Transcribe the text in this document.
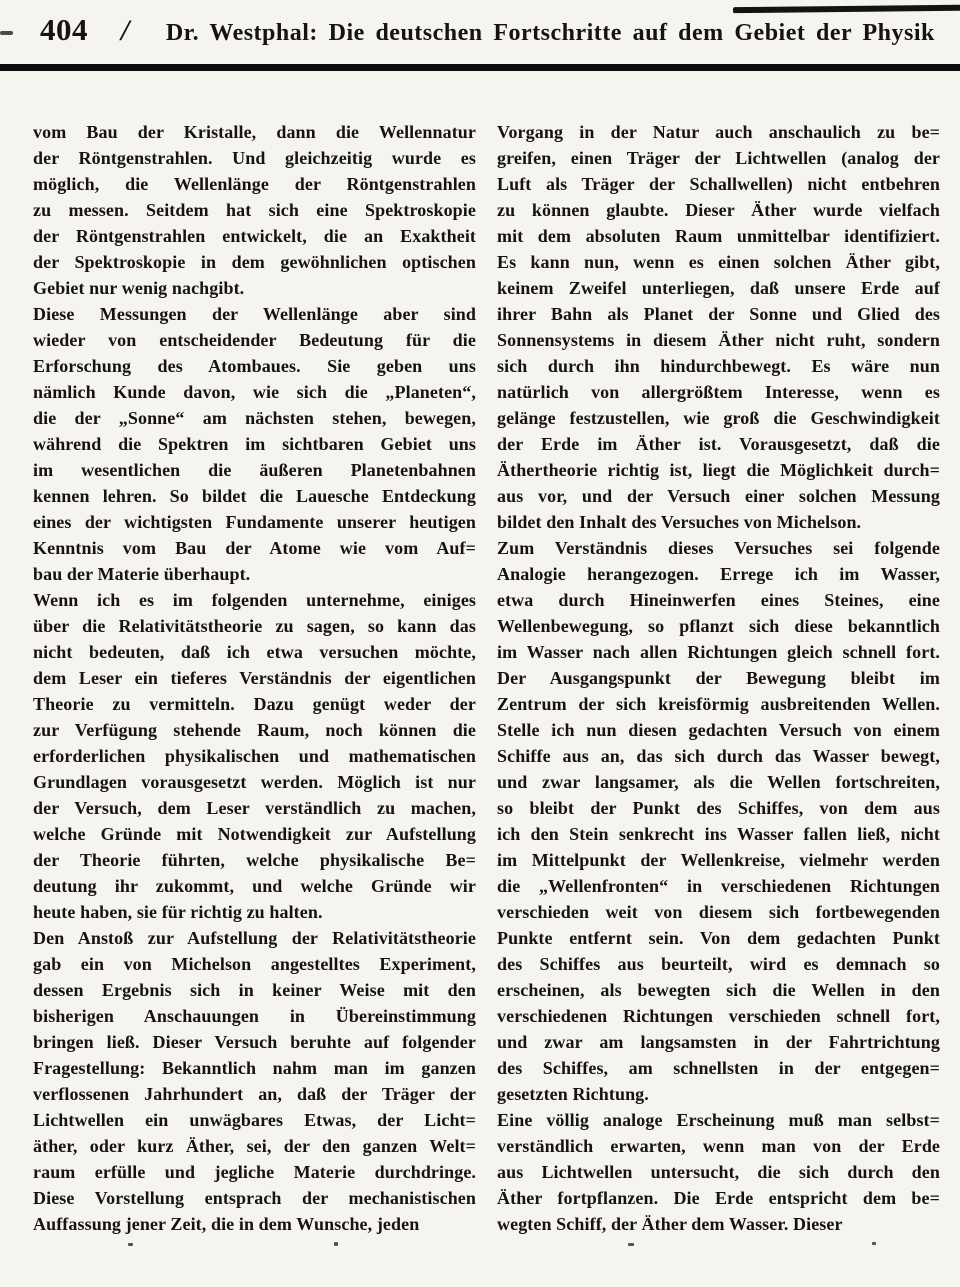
404 / Dr. Westphal: Die deutschen Fortschritte auf dem Gebiet der Physik
vom Bau der Kristalle, dann die Wellennatur
der Röntgenstrahlen. Und gleichzeitig wurde es
möglich, die Wellenlänge der Röntgenstrahlen
zu messen. Seitdem hat sich eine Spektroskopie
der Röntgenstrahlen entwickelt, die an Exaktheit
der Spektroskopie in dem gewöhnlichen optischen
Gebiet nur wenig nachgibt.
Diese Messungen der Wellenlänge aber sind
wieder von entscheidender Bedeutung für die
Erforschung des Atombaues. Sie geben uns
nämlich Kunde davon, wie sich die „Planeten“,
die der „Sonne“ am nächsten stehen, bewegen,
während die Spektren im sichtbaren Gebiet uns
im wesentlichen die äußeren Planetenbahnen
kennen lehren. So bildet die Lauesche Entdeckung
eines der wichtigsten Fundamente unserer heutigen
Kenntnis vom Bau der Atome wie vom Auf=
bau der Materie überhaupt.
Wenn ich es im folgenden unternehme, einiges
über die Relativitätstheorie zu sagen, so kann das
nicht bedeuten, daß ich etwa versuchen möchte,
dem Leser ein tieferes Verständnis der eigentlichen
Theorie zu vermitteln. Dazu genügt weder der
zur Verfügung stehende Raum, noch können die
erforderlichen physikalischen und mathematischen
Grundlagen vorausgesetzt werden. Möglich ist nur
der Versuch, dem Leser verständlich zu machen,
welche Gründe mit Notwendigkeit zur Aufstellung
der Theorie führten, welche physikalische Be=
deutung ihr zukommt, und welche Gründe wir
heute haben, sie für richtig zu halten.
Den Anstoß zur Aufstellung der Relativitätstheorie
gab ein von Michelson angestelltes Experiment,
dessen Ergebnis sich in keiner Weise mit den
bisherigen Anschauungen in Übereinstimmung
bringen ließ. Dieser Versuch beruhte auf folgender
Fragestellung: Bekanntlich nahm man im ganzen
verflossenen Jahrhundert an, daß der Träger der
Lichtwellen ein unwägbares Etwas, der Licht=
äther, oder kurz Äther, sei, der den ganzen Welt=
raum erfülle und jegliche Materie durchdringe.
Diese Vorstellung entsprach der mechanistischen
Auffassung jener Zeit, die in dem Wunsche, jeden
Vorgang in der Natur auch anschaulich zu be=
greifen, einen Träger der Lichtwellen (analog der
Luft als Träger der Schallwellen) nicht entbehren
zu können glaubte. Dieser Äther wurde vielfach
mit dem absoluten Raum unmittelbar identifiziert.
Es kann nun, wenn es einen solchen Äther gibt,
keinem Zweifel unterliegen, daß unsere Erde auf
ihrer Bahn als Planet der Sonne und Glied des
Sonnensystems in diesem Äther nicht ruht, sondern
sich durch ihn hindurchbewegt. Es wäre nun
natürlich von allergrößtem Interesse, wenn es
gelänge festzustellen, wie groß die Geschwindigkeit
der Erde im Äther ist. Vorausgesetzt, daß die
Äthertheorie richtig ist, liegt die Möglichkeit durch=
aus vor, und der Versuch einer solchen Messung
bildet den Inhalt des Versuches von Michelson.
Zum Verständnis dieses Versuches sei folgende
Analogie herangezogen. Errege ich im Wasser,
etwa durch Hineinwerfen eines Steines, eine
Wellenbewegung, so pflanzt sich diese bekanntlich
im Wasser nach allen Richtungen gleich schnell fort.
Der Ausgangspunkt der Bewegung bleibt im
Zentrum der sich kreisförmig ausbreitenden Wellen.
Stelle ich nun diesen gedachten Versuch von einem
Schiffe aus an, das sich durch das Wasser bewegt,
und zwar langsamer, als die Wellen fortschreiten,
so bleibt der Punkt des Schiffes, von dem aus
ich den Stein senkrecht ins Wasser fallen ließ, nicht
im Mittelpunkt der Wellenkreise, vielmehr werden
die „Wellenfronten“ in verschiedenen Richtungen
verschieden weit von diesem sich fortbewegenden
Punkte entfernt sein. Von dem gedachten Punkt
des Schiffes aus beurteilt, wird es demnach so
erscheinen, als bewegten sich die Wellen in den
verschiedenen Richtungen verschieden schnell fort,
und zwar am langsamsten in der Fahrtrichtung
des Schiffes, am schnellsten in der entgegen=
gesetzten Richtung.
Eine völlig analoge Erscheinung muß man selbst=
verständlich erwarten, wenn man von der Erde
aus Lichtwellen untersucht, die sich durch den
Äther fortpflanzen. Die Erde entspricht dem be=
wegten Schiff, der Äther dem Wasser. Dieser
